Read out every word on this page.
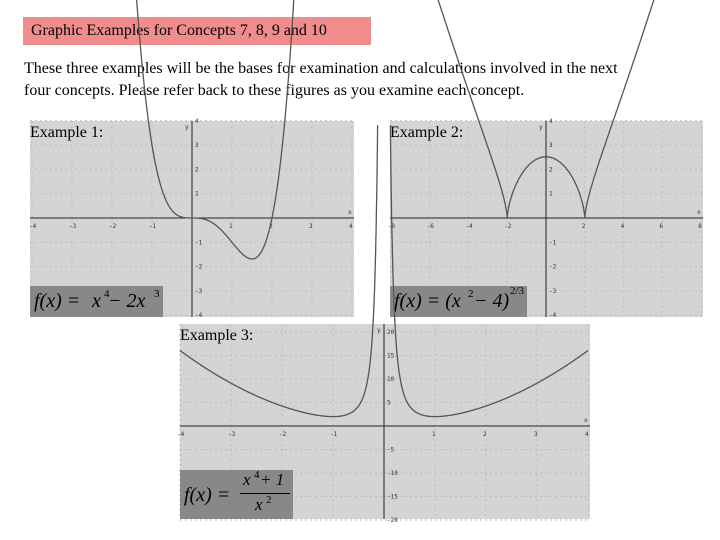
Graphic Examples for Concepts 7, 8, 9 and 10
These three examples will be the bases for examination and calculations involved in the next
four concepts. Please refer back to these figures as you examine each concept.
-4	-3	-2	-1	1	2	3	4
4
3
2
1
-1
-2
-3
-4
x
y
Example 1:
f(x) = x 4
− 2x 3
-8	-6	-4	-2	2	4	6	8
4
3
2
1
-1
-2
-3
-4
x
y
Example 2:
f(x) = (x 2 − 4) 2/3
-4	-3	-2	-1	1	2	3	4
20
15
10
5
-5
-10
-15
-20
x
y
Example 3:
f(x) =
x 4 + 1
x 2
